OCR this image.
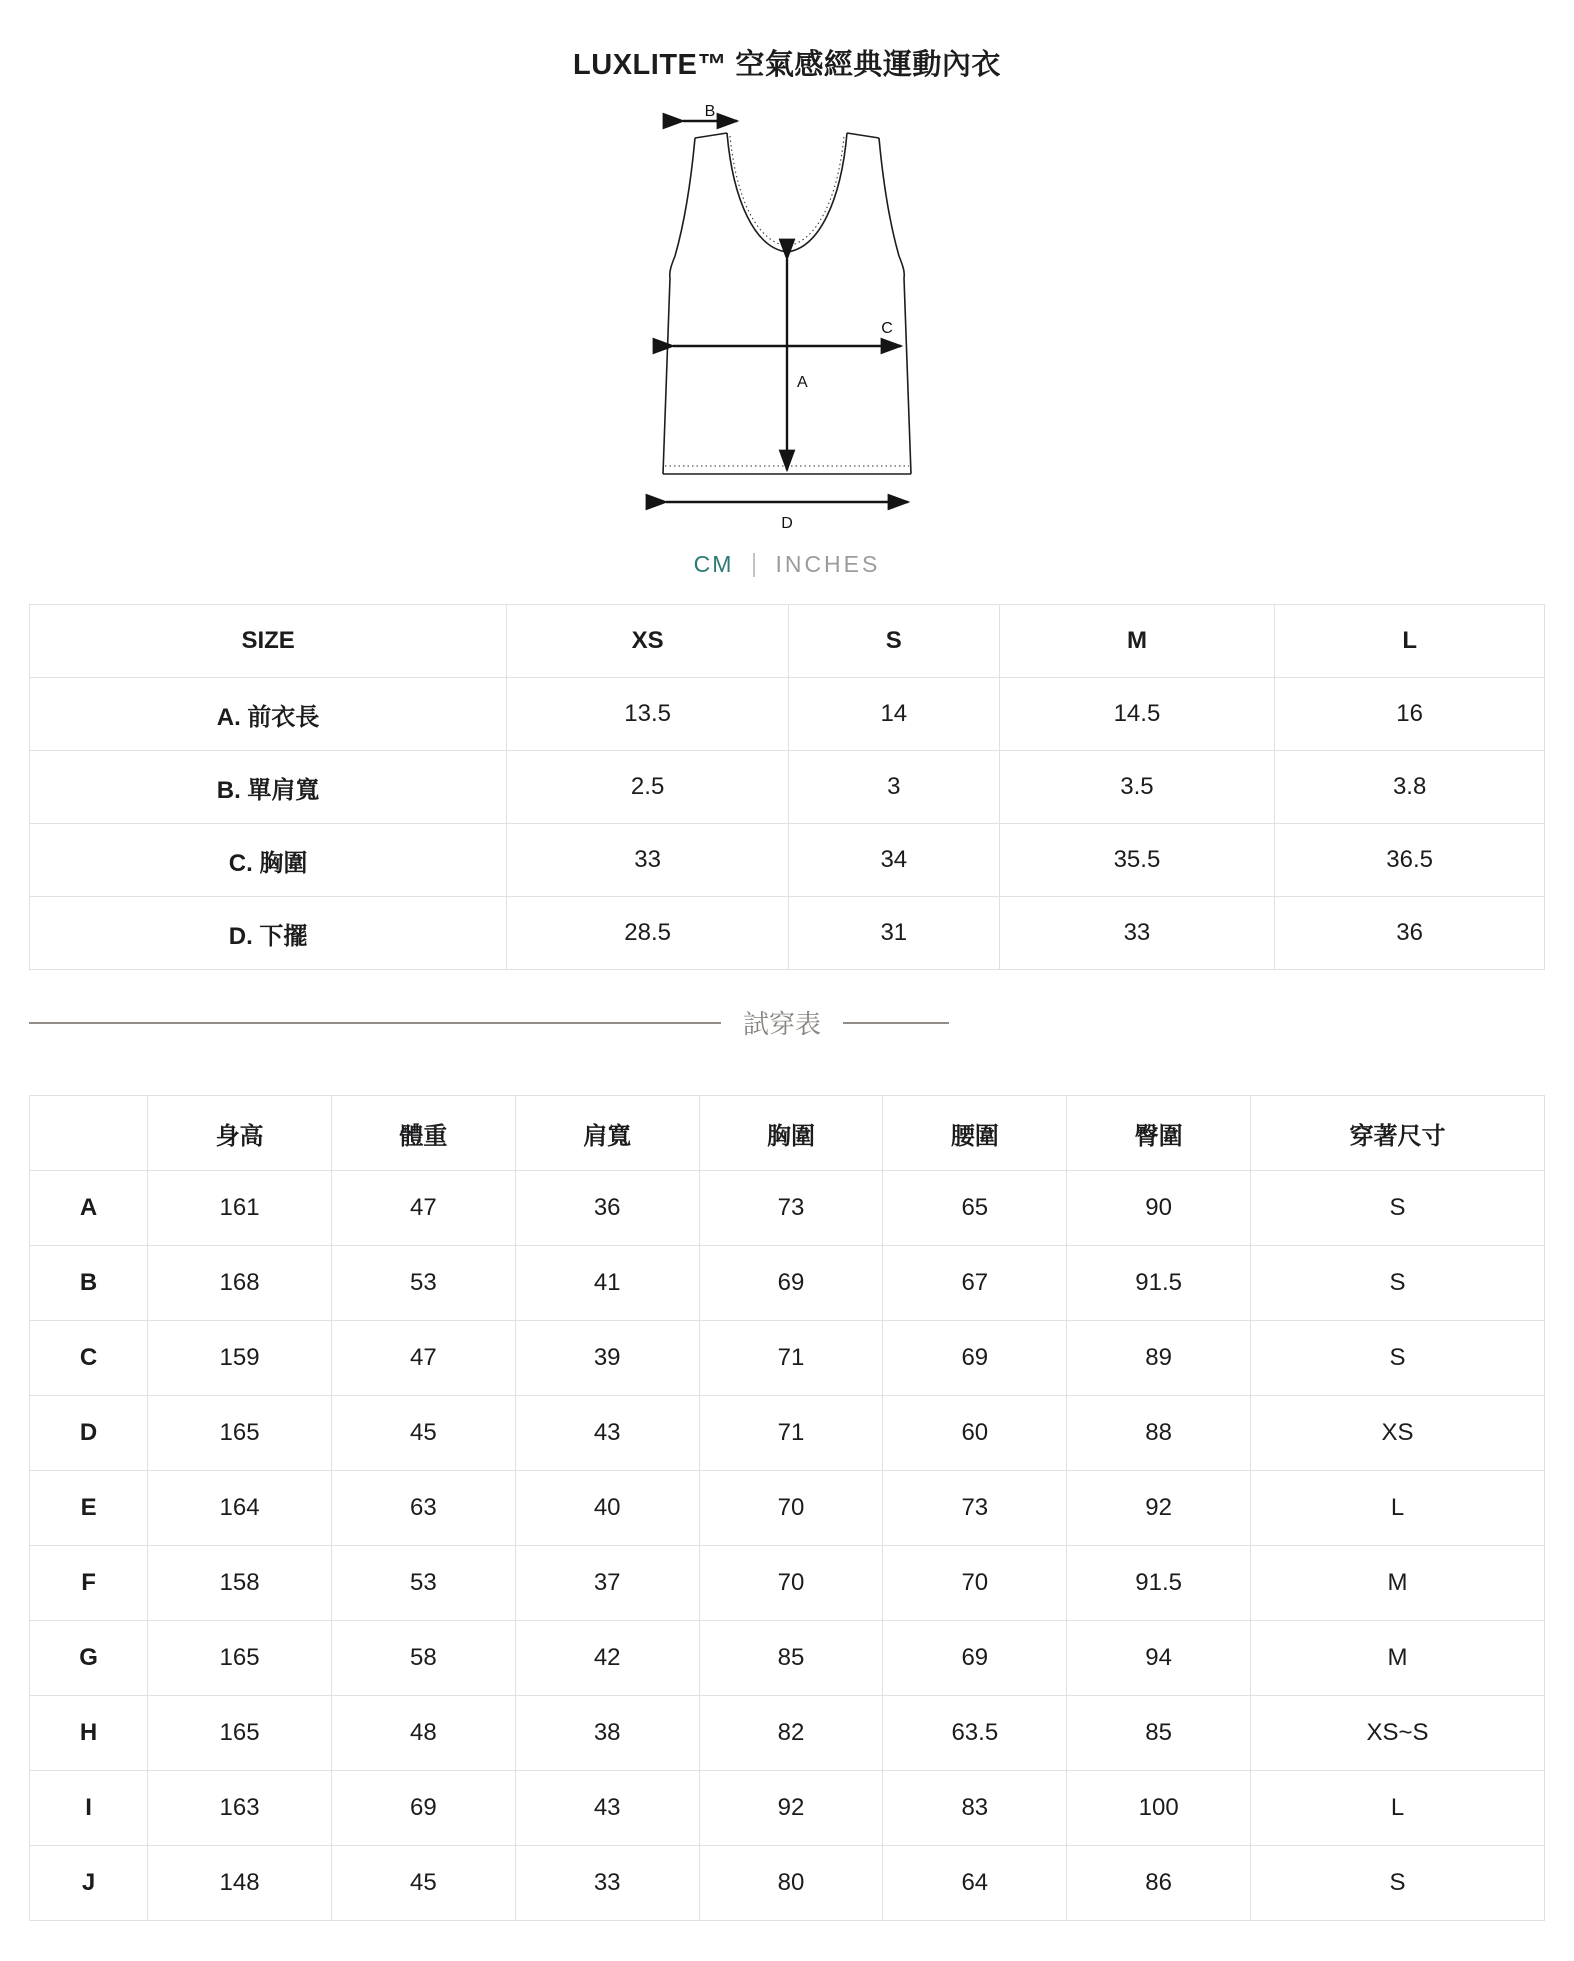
LUXLITE™ 空氣感經典運動內衣
B
A
C
D
CM INCHES
SIZE	XS	S	M	L
A. 前衣長	13.5	14	14.5	16
B. 單肩寬	2.5	3	3.5	3.8
C. 胸圍	33	34	35.5	36.5
D. 下擺	28.5	31	33	36
試穿表
	身高	體重	肩寬	胸圍	腰圍	臀圍	穿著尺寸
A	161	47	36	73	65	90	S
B	168	53	41	69	67	91.5	S
C	159	47	39	71	69	89	S
D	165	45	43	71	60	88	XS
E	164	63	40	70	73	92	L
F	158	53	37	70	70	91.5	M
G	165	58	42	85	69	94	M
H	165	48	38	82	63.5	85	XS~S
I	163	69	43	92	83	100	L
J	148	45	33	80	64	86	S
